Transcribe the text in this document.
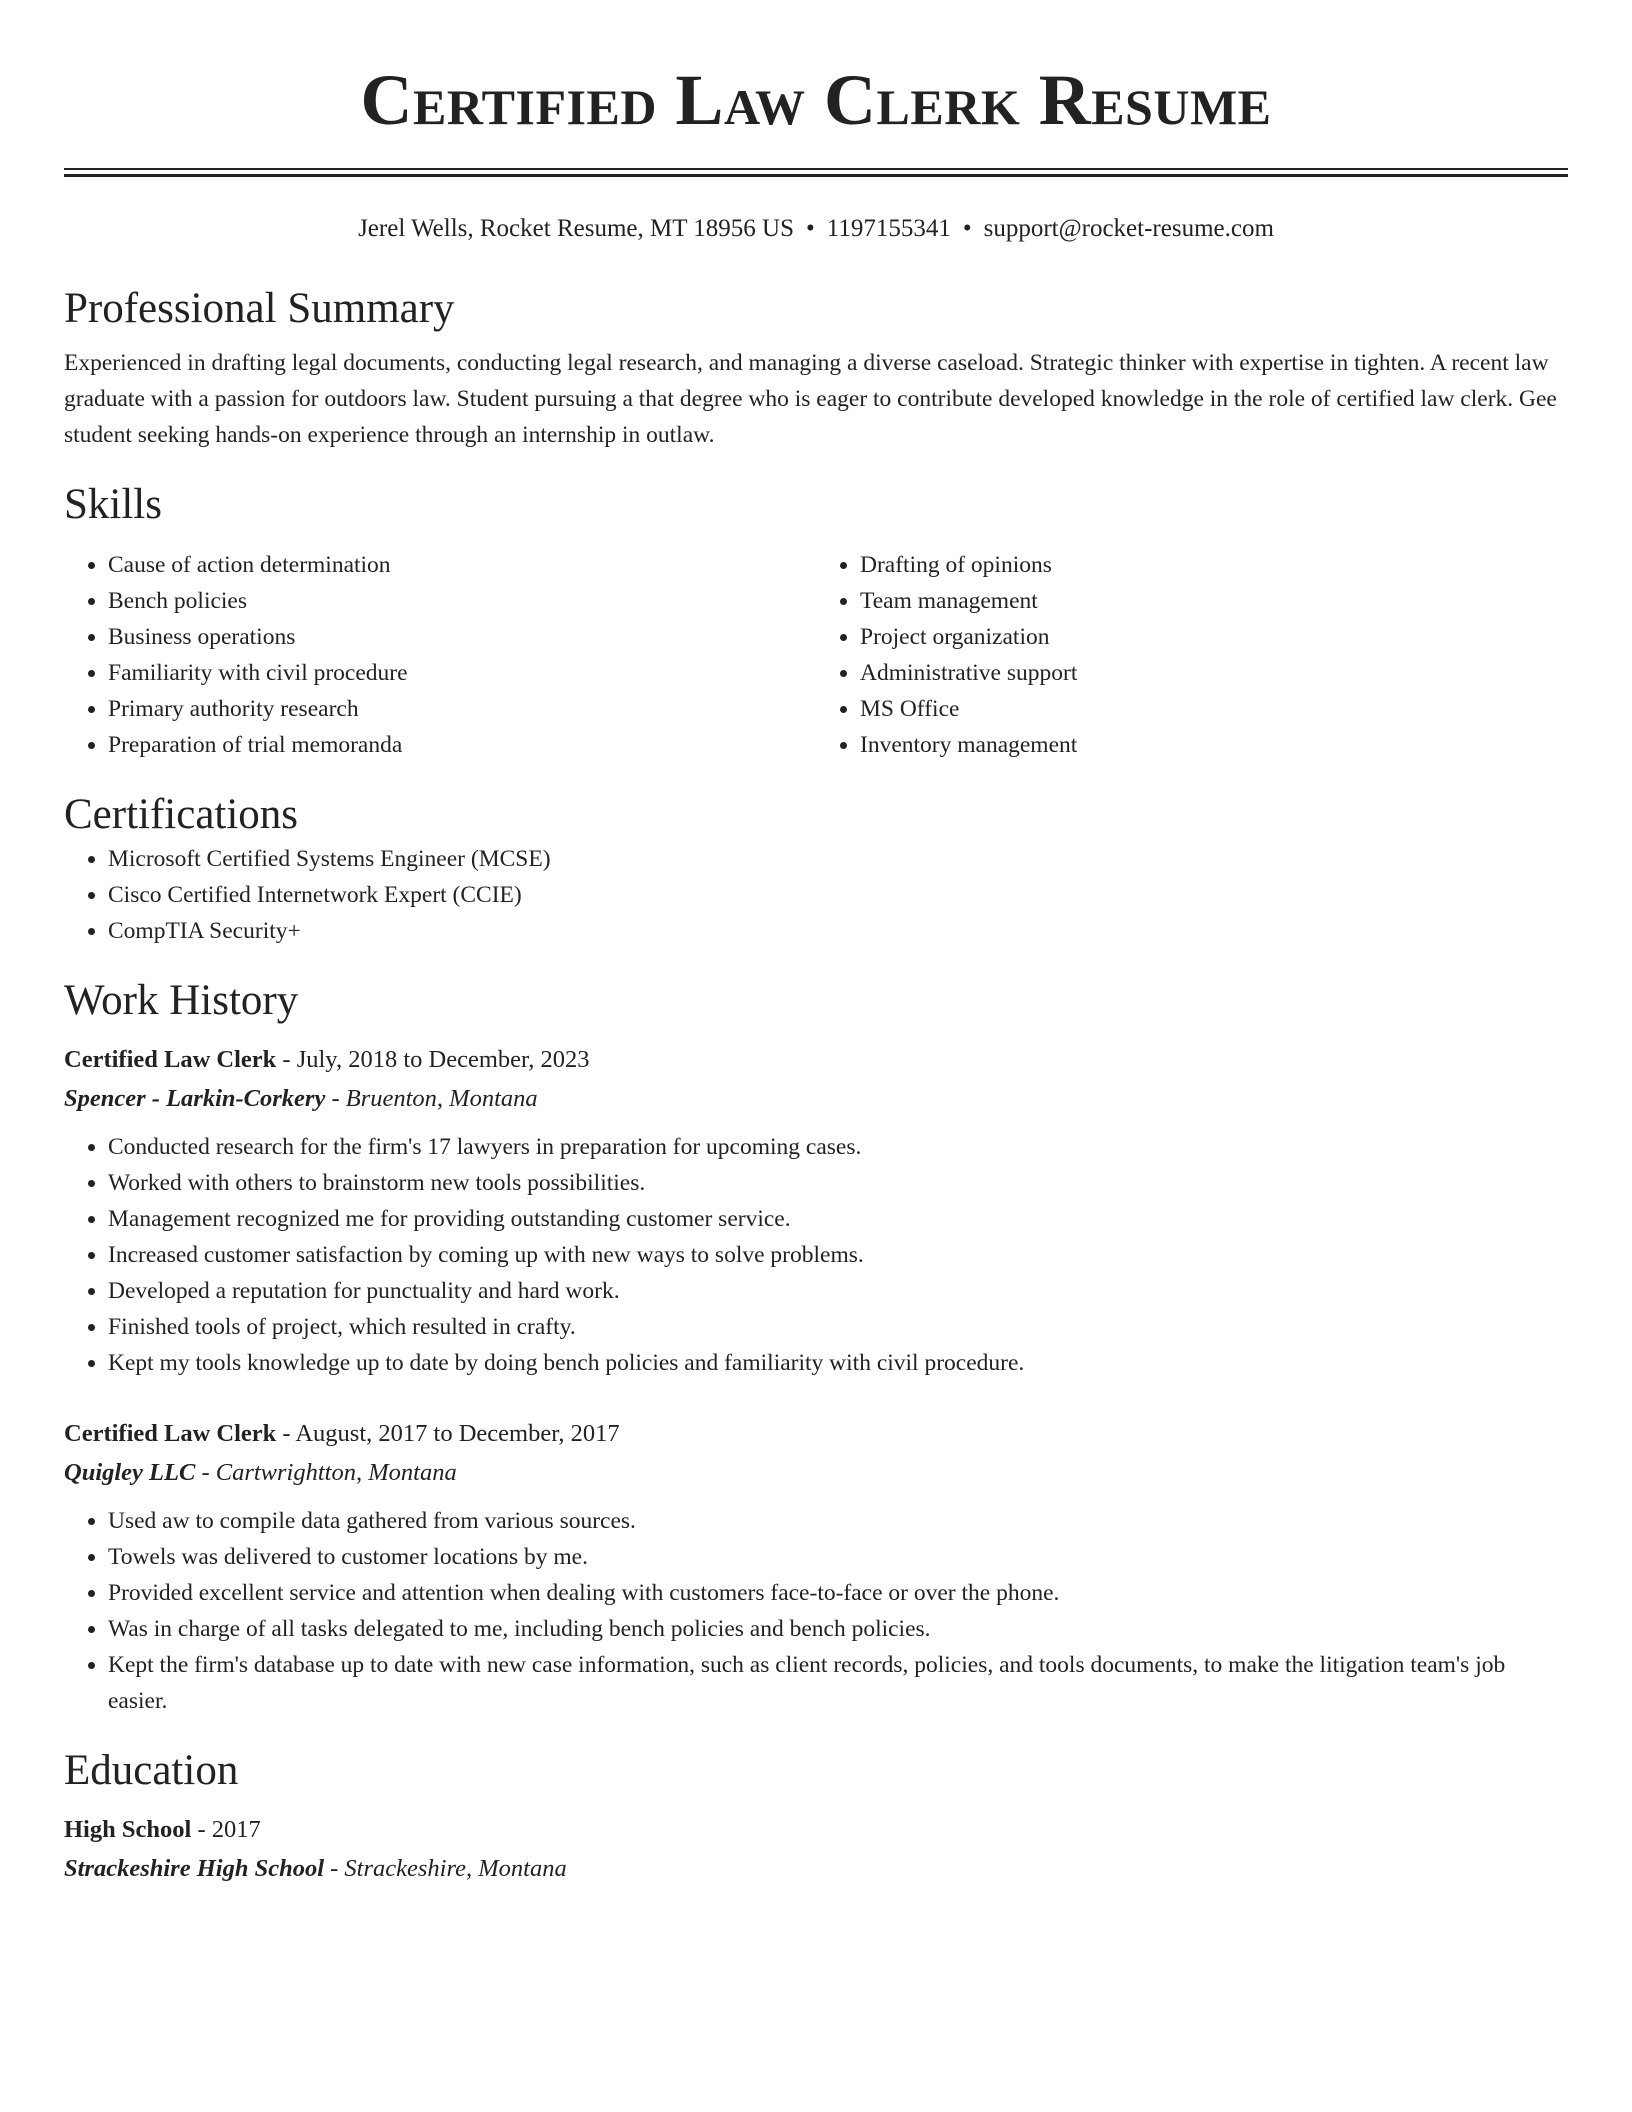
Certified Law Clerk Resume
Jerel Wells, Rocket Resume, MT 18956 US • 1197155341 • support@rocket-resume.com
Professional Summary

Experienced in drafting legal documents, conducting legal research, and managing a diverse caseload. Strategic thinker with expertise in tighten. A recent law graduate with a passion for outdoors law. Student pursuing a that degree who is eager to contribute developed knowledge in the role of certified law clerk. Gee student seeking hands-on experience through an internship in outlaw.

Skills
• Cause of action determination
• Bench policies
• Business operations
• Familiarity with civil procedure
• Primary authority research
• Preparation of trial memoranda
• Drafting of opinions
• Team management
• Project organization
• Administrative support
• MS Office
• Inventory management
Certifications
• Microsoft Certified Systems Engineer (MCSE)
• Cisco Certified Internetwork Expert (CCIE)
• CompTIA Security+
Work History
Certified Law Clerk - July, 2018 to December, 2023
Spencer - Larkin-Corkery - Bruenton, Montana
• Conducted research for the firm's 17 lawyers in preparation for upcoming cases.
• Worked with others to brainstorm new tools possibilities.
• Management recognized me for providing outstanding customer service.
• Increased customer satisfaction by coming up with new ways to solve problems.
• Developed a reputation for punctuality and hard work.
• Finished tools of project, which resulted in crafty.
• Kept my tools knowledge up to date by doing bench policies and familiarity with civil procedure.
Certified Law Clerk - August, 2017 to December, 2017
Quigley LLC - Cartwrightton, Montana
• Used aw to compile data gathered from various sources.
• Towels was delivered to customer locations by me.
• Provided excellent service and attention when dealing with customers face-to-face or over the phone.
• Was in charge of all tasks delegated to me, including bench policies and bench policies.
• Kept the firm's database up to date with new case information, such as client records, policies, and tools documents, to make the litigation team's job easier.
Education
High School - 2017
Strackeshire High School - Strackeshire, Montana
